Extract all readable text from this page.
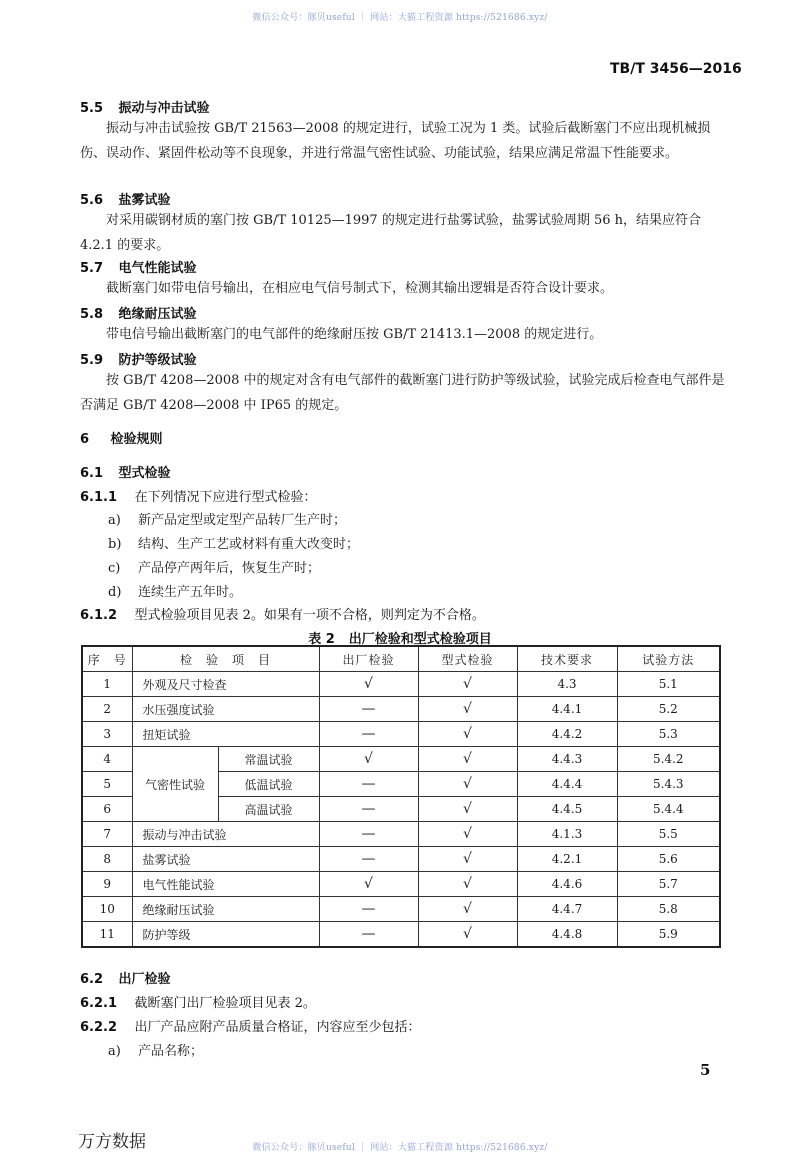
微信公众号：豚贝useful ｜ 网站：大猫工程资源 https://521686.xyz/
TB/T 3456—2016
5.5 振动与冲击试验
振动与冲击试验按 GB/T 21563—2008 的规定进行，试验工况为 1 类。试验后截断塞门不应出现机械损伤、误动作、紧固件松动等不良现象，并进行常温气密性试验、功能试验，结果应满足常温下性能要求。
5.6 盐雾试验
对采用碳钢材质的塞门按 GB/T 10125—1997 的规定进行盐雾试验，盐雾试验周期 56 h，结果应符合 4.2.1 的要求。
5.7 电气性能试验
截断塞门如带电信号输出，在相应电气信号制式下，检测其输出逻辑是否符合设计要求。
5.8 绝缘耐压试验
带电信号输出截断塞门的电气部件的绝缘耐压按 GB/T 21413.1—2008 的规定进行。
5.9 防护等级试验
按 GB/T 4208—2008 中的规定对含有电气部件的截断塞门进行防护等级试验，试验完成后检查电气部件是否满足 GB/T 4208—2008 中 IP65 的规定。
6 检验规则
6.1 型式检验
6.1.1 在下列情况下应进行型式检验：
a) 新产品定型或定型产品转厂生产时；
b) 结构、生产工艺或材料有重大改变时；
c) 产品停产两年后，恢复生产时；
d) 连续生产五年时。
6.1.2 型式检验项目见表 2。如果有一项不合格，则判定为不合格。
表 2 出厂检验和型式检验项目
序　号	检　验　项　目		出厂检验	型式检验	技术要求	试验方法
1	外观及尺寸检查		√	√	4.3	5.1
2	水压强度试验		—	√	4.4.1	5.2
3	扭矩试验		—	√	4.4.2	5.3
4	气密性试验	常温试验	√	√	4.4.3	5.4.2
5		低温试验	—	√	4.4.4	5.4.3
6		高温试验	—	√	4.4.5	5.4.4
7	振动与冲击试验		—	√	4.1.3	5.5
8	盐雾试验		—	√	4.2.1	5.6
9	电气性能试验		√	√	4.4.6	5.7
10	绝缘耐压试验		—	√	4.4.7	5.8
11	防护等级		—	√	4.4.8	5.9
6.2 出厂检验
6.2.1 截断塞门出厂检验项目见表 2。
6.2.2 出厂产品应附产品质量合格证，内容应至少包括：
a) 产品名称；
5
万方数据	微信公众号：豚贝useful ｜ 网站：大猫工程资源 https://521686.xyz/
